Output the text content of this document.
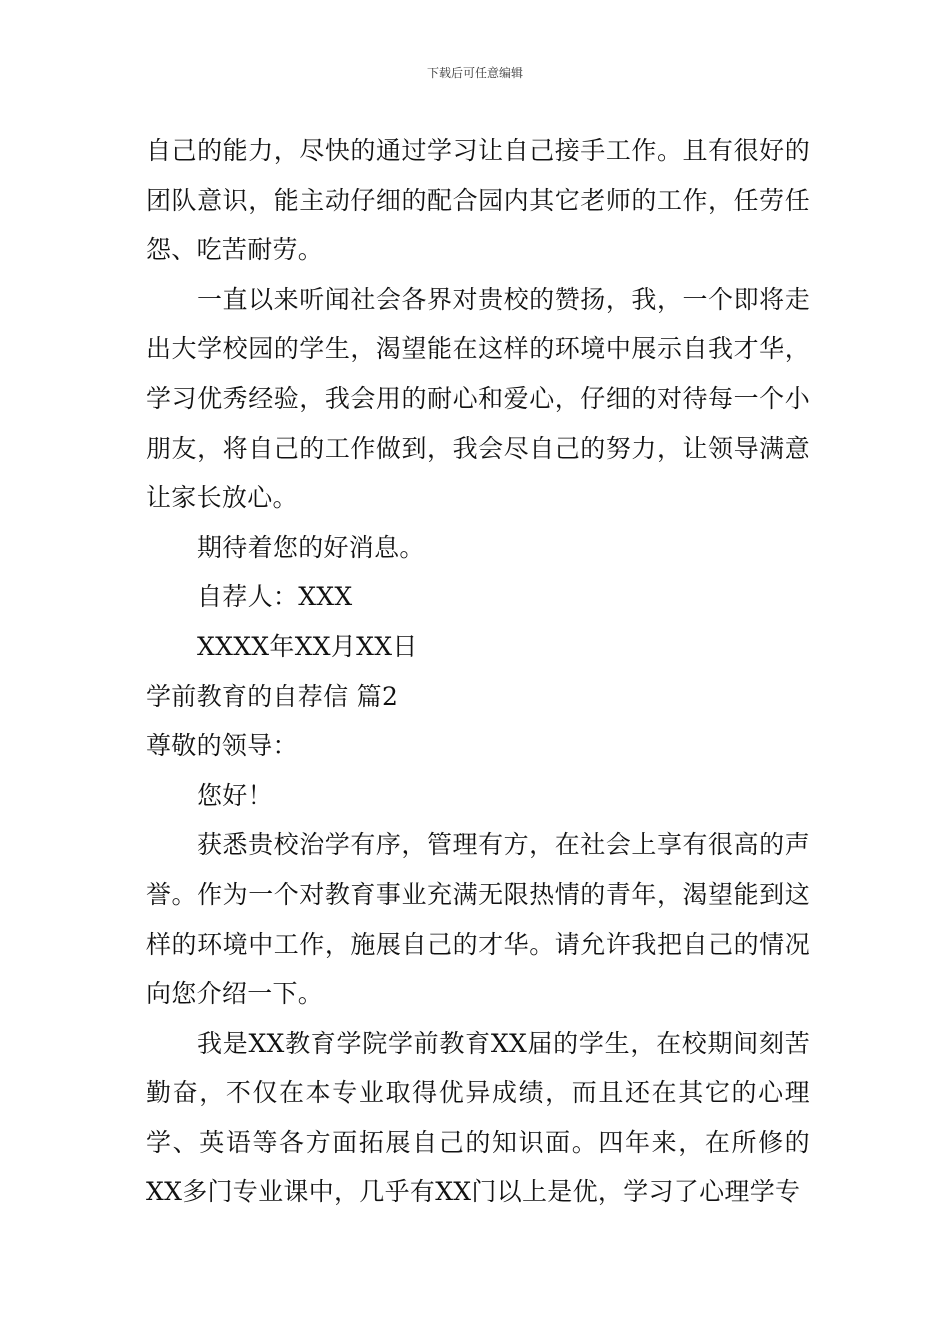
下载后可任意编辑

自己的能力，尽快的通过学习让自己接手工作。且有很好的团队意识，能主动仔细的配合园内其它老师的工作，任劳任怨、吃苦耐劳。

一直以来听闻社会各界对贵校的赞扬，我，一个即将走出大学校园的学生，渴望能在这样的环境中展示自我才华，学习优秀经验，我会用的耐心和爱心，仔细的对待每一个小朋友，将自己的工作做到，我会尽自己的努力，让领导满意让家长放心。

期待着您的好消息。

自荐人：XXX

XXXX年XX月XX日

学前教育的自荐信 篇2

尊敬的领导：

您好！

获悉贵校治学有序，管理有方，在社会上享有很高的声誉。作为一个对教育事业充满无限热情的青年，渴望能到这样的环境中工作，施展自己的才华。请允许我把自己的情况向您介绍一下。

我是XX教育学院学前教育XX届的学生，在校期间刻苦勤奋，不仅在本专业取得优异成绩，而且还在其它的心理学、英语等各方面拓展自己的知识面。四年来，在所修的XX多门专业课中，几乎有XX门以上是优，学习了心理学专
